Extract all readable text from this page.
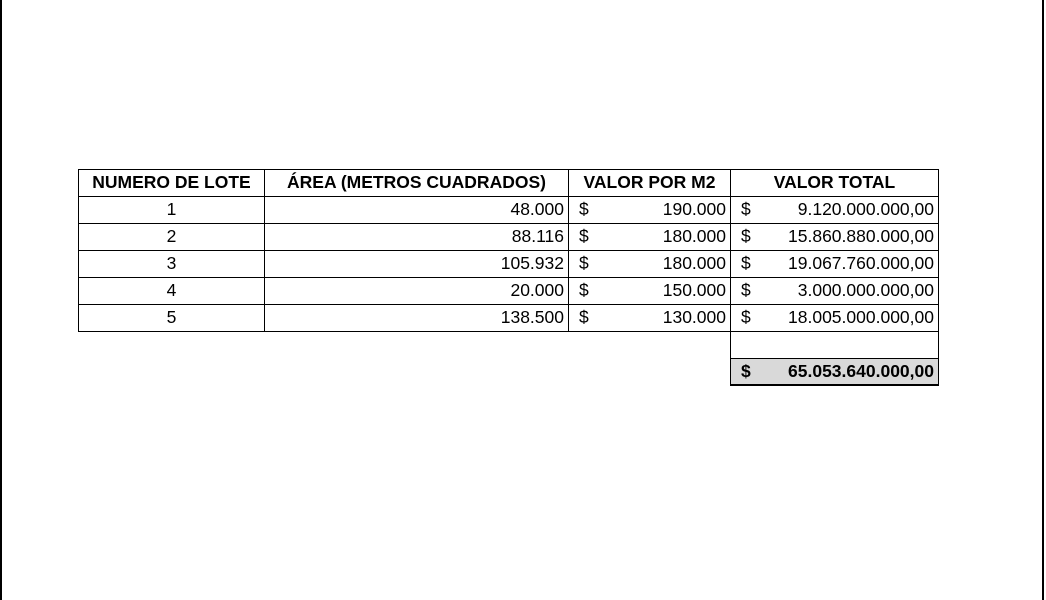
NUMERO DE LOTE	ÁREA (METROS CUADRADOS)	VALOR POR M2	VALOR TOTAL
1	48.000	$ 190.000	$ 9.120.000.000,00

2	88.116	$ 180.000	$ 15.860.880.000,00

3	105.932	$ 180.000	$ 19.067.760.000,00

4	20.000	$ 150.000	$ 3.000.000.000,00

5	138.500	$ 130.000	$ 18.005.000.000,00

			$ 65.053.640.000,00
